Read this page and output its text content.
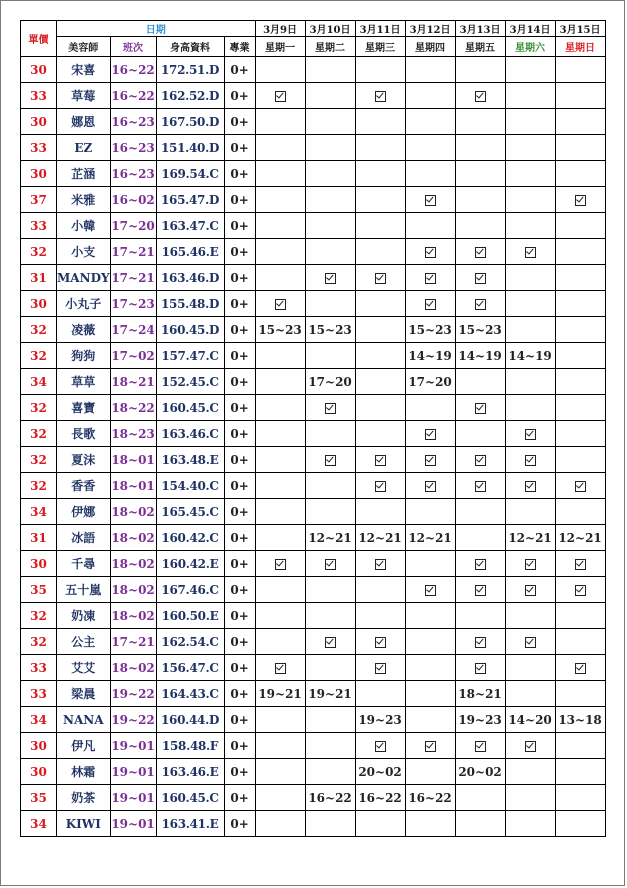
單價	日期				3月9日	3月10日	3月11日	3月12日	3月13日	3月14日	3月15日
	美容師	班次	身高資料	專業	星期一	星期二	星期三	星期四	星期五	星期六	星期日
30	宋喜	16~22	172.51.D	0+							
33	草莓	16~22	162.52.D	0+							
30	娜恩	16~23	167.50.D	0+							
33	EZ	16~23	151.40.D	0+							
30	芷涵	16~23	169.54.C	0+							
37	米雅	16~02	165.47.D	0+							
33	小韓	17~20	163.47.C	0+							
32	小支	17~21	165.46.E	0+							
31	MANDY	17~21	163.46.D	0+							
30	小丸子	17~23	155.48.D	0+							
32	凌薇	17~24	160.45.D	0+	15~23	15~23		15~23	15~23		
32	狗狗	17~02	157.47.C	0+				14~19	14~19	14~19	
34	草草	18~21	152.45.C	0+		17~20		17~20			
32	喜寶	18~22	160.45.C	0+							
32	長歌	18~23	163.46.C	0+							
32	夏沫	18~01	163.48.E	0+							
32	香香	18~01	154.40.C	0+							
34	伊娜	18~02	165.45.C	0+							
31	冰語	18~02	160.42.C	0+		12~21	12~21	12~21		12~21	12~21
30	千尋	18~02	160.42.E	0+							
35	五十嵐	18~02	167.46.C	0+							
32	奶凍	18~02	160.50.E	0+							
32	公主	17~21	162.54.C	0+							
33	艾艾	18~02	156.47.C	0+							
33	梁晨	19~22	164.43.C	0+	19~21	19~21			18~21		
34	NANA	19~22	160.44.D	0+			19~23		19~23	14~20	13~18
30	伊凡	19~01	158.48.F	0+							
30	林霜	19~01	163.46.E	0+			20~02		20~02		
35	奶茶	19~01	160.45.C	0+		16~22	16~22	16~22			
34	KIWI	19~01	163.41.E	0+							
